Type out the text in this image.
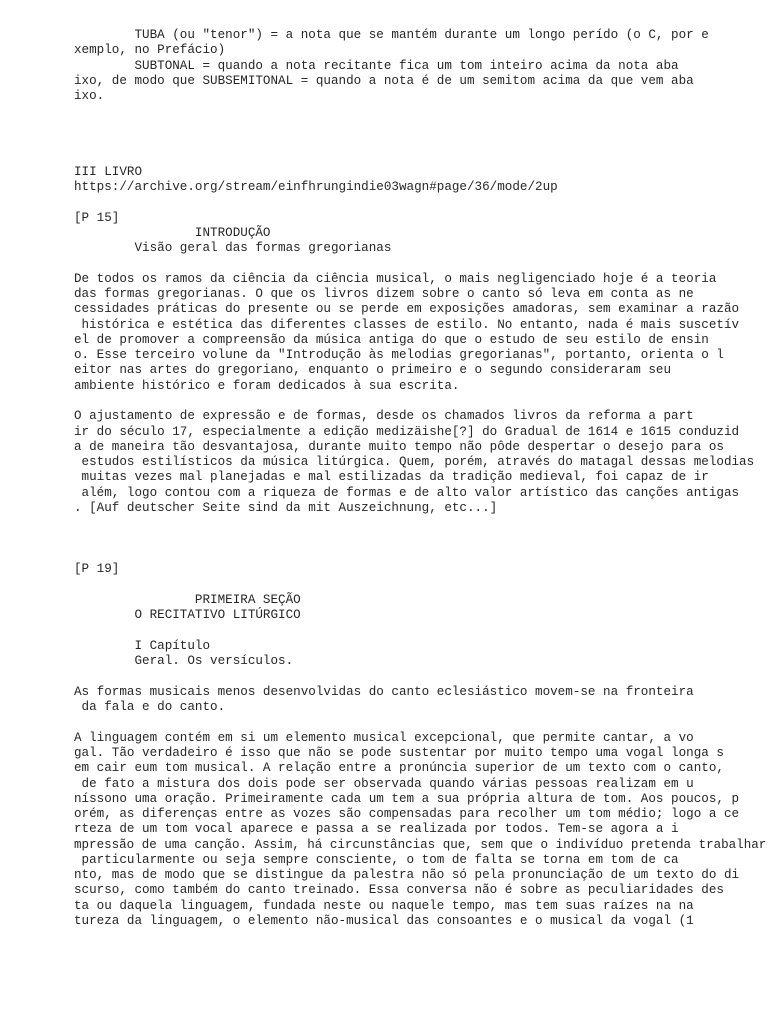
TUBA (ou "tenor") = a nota que se mantém durante um longo perído (o C, por e
xemplo, no Prefácio)
SUBTONAL = quando a nota recitante fica um tom inteiro acima da nota aba
ixo, de modo que SUBSEMITONAL = quando a nota é de um semitom acima da que vem aba
ixo.
III LIVRO
https://archive.org/stream/einfhrungindie03wagn#page/36/mode/2up
[P 15]
INTRODUÇÃO
Visão geral das formas gregorianas
De todos os ramos da ciência da ciência musical, o mais negligenciado hoje é a teoria
das formas gregorianas. O que os livros dizem sobre o canto só leva em conta as ne
cessidades práticas do presente ou se perde em exposições amadoras, sem examinar a razão
histórica e estética das diferentes classes de estilo. No entanto, nada é mais suscetív
el de promover a compreensão da música antiga do que o estudo de seu estilo de ensin
o. Esse terceiro volune da "Introdução às melodias gregorianas", portanto, orienta o l
eitor nas artes do gregoriano, enquanto o primeiro e o segundo consideraram seu
ambiente histórico e foram dedicados à sua escrita.
O ajustamento de expressão e de formas, desde os chamados livros da reforma a part
ir do século 17, especialmente a edição medizäishe[?] do Gradual de 1614 e 1615 conduzid
a de maneira tão desvantajosa, durante muito tempo não pôde despertar o desejo para os
estudos estilísticos da música litúrgica. Quem, porém, através do matagal dessas melodias
muitas vezes mal planejadas e mal estilizadas da tradição medieval, foi capaz de ir
além, logo contou com a riqueza de formas e de alto valor artístico das canções antigas
. [Auf deutscher Seite sind da mit Auszeichnung, etc...]
[P 19]
PRIMEIRA SEÇÃO
O RECITATIVO LITÚRGICO
I Capítulo
Geral. Os versículos.
As formas musicais menos desenvolvidas do canto eclesiástico movem-se na fronteira
da fala e do canto.
A linguagem contém em si um elemento musical excepcional, que permite cantar, a vo
gal. Tão verdadeiro é isso que não se pode sustentar por muito tempo uma vogal longa s
em cair eum tom musical. A relação entre a pronúncia superior de um texto com o canto,
de fato a mistura dos dois pode ser observada quando várias pessoas realizam em u
níssono uma oração. Primeiramente cada um tem a sua própria altura de tom. Aos poucos, p
orém, as diferenças entre as vozes são compensadas para recolher um tom médio; logo a ce
rteza de um tom vocal aparece e passa a se realizada por todos. Tem-se agora a i
mpressão de uma canção. Assim, há circunstâncias que, sem que o indivíduo pretenda trabalhar
particularmente ou seja sempre consciente, o tom de falta se torna em tom de ca
nto, mas de modo que se distingue da palestra não só pela pronunciação de um texto do di
scurso, como também do canto treinado. Essa conversa não é sobre as peculiaridades des
ta ou daquela linguagem, fundada neste ou naquele tempo, mas tem suas raízes na na
tureza da linguagem, o elemento não-musical das consoantes e o musical da vogal (1
